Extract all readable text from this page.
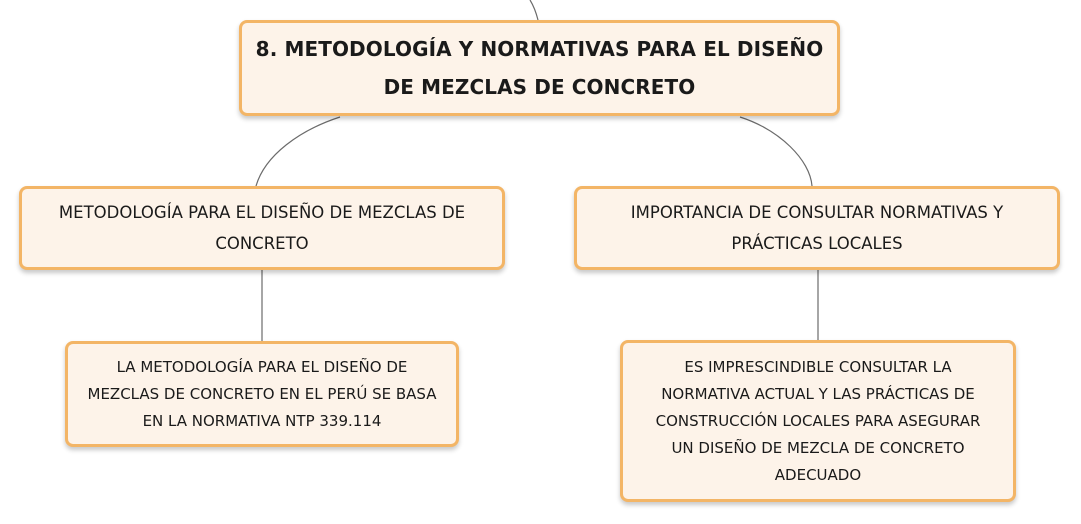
8. METODOLOGÍA Y NORMATIVAS PARA EL DISEÑO
DE MEZCLAS DE CONCRETO
METODOLOGÍA PARA EL DISEÑO DE MEZCLAS DE
CONCRETO
IMPORTANCIA DE CONSULTAR NORMATIVAS Y
PRÁCTICAS LOCALES
LA METODOLOGÍA PARA EL DISEÑO DE
MEZCLAS DE CONCRETO EN EL PERÚ SE BASA
EN LA NORMATIVA NTP 339.114
ES IMPRESCINDIBLE CONSULTAR LA
NORMATIVA ACTUAL Y LAS PRÁCTICAS DE
CONSTRUCCIÓN LOCALES PARA ASEGURAR
UN DISEÑO DE MEZCLA DE CONCRETO
ADECUADO
